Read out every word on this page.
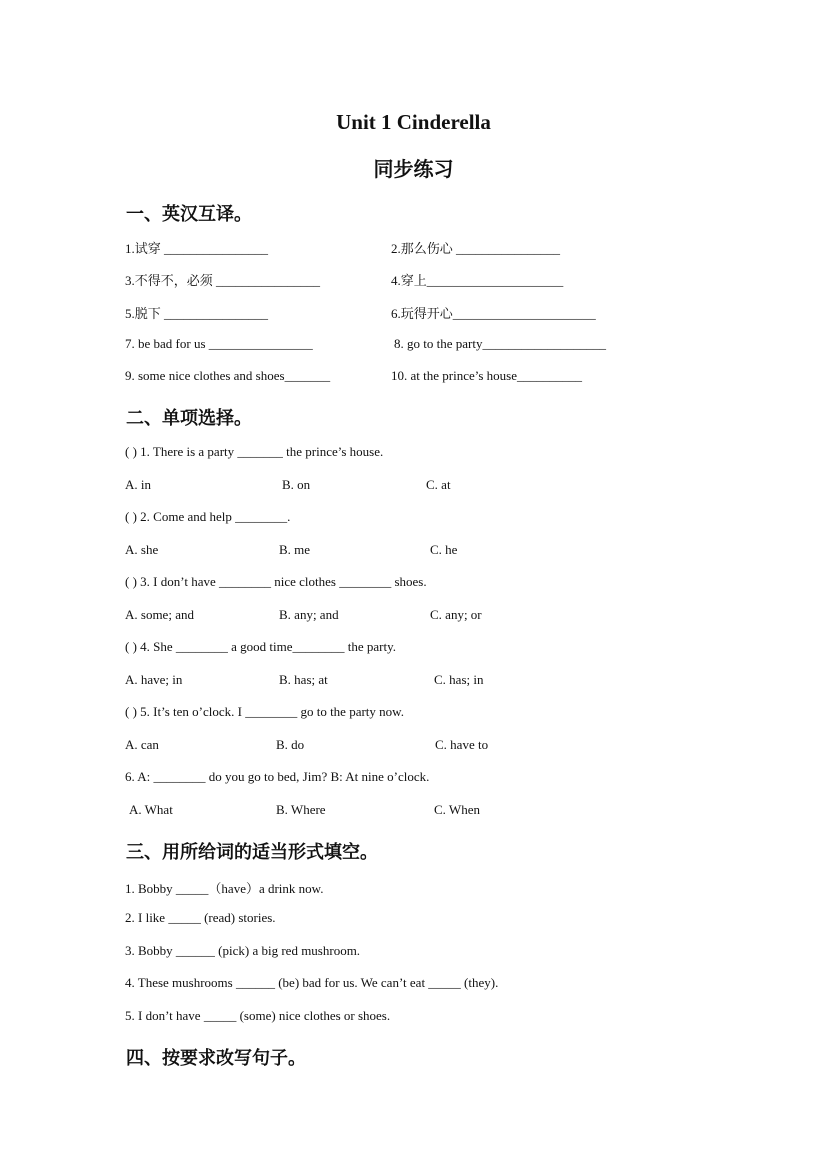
Unit 1 Cinderella
同步练习
一、英汉互译。
1.试穿 ________________	2.那么伤心 ________________
3.不得不，必须 ________________	4.穿上_____________________
5.脱下 ________________	6.玩得开心______________________
7. be bad for us ________________	8. go to the party___________________
9. some nice clothes and shoes_______	10. at the prince’s house__________
二、单项选择。
( ) 1. There is a party _______ the prince’s house.
A. in	B. on	C. at
( ) 2. Come and help ________.
A. she	B. me	C. he
( ) 3. I don’t have ________ nice clothes ________ shoes.
A. some; and	B. any; and	C. any; or
( ) 4. She ________ a good time________ the party.
A. have; in	B. has; at	C. has; in
( ) 5. It’s ten o’clock. I ________ go to the party now.
A. can	B. do	C. have to
6. A: ________ do you go to bed, Jim? B: At nine o’clock.
A. What	B. Where	C. When
三、用所给词的适当形式填空。
1. Bobby _____（have）a drink now.
2. I like _____ (read) stories.
3. Bobby ______ (pick) a big red mushroom.
4. These mushrooms ______ (be) bad for us. We can’t eat _____ (they).
5. I don’t have _____ (some) nice clothes or shoes.
四、按要求改写句子。
